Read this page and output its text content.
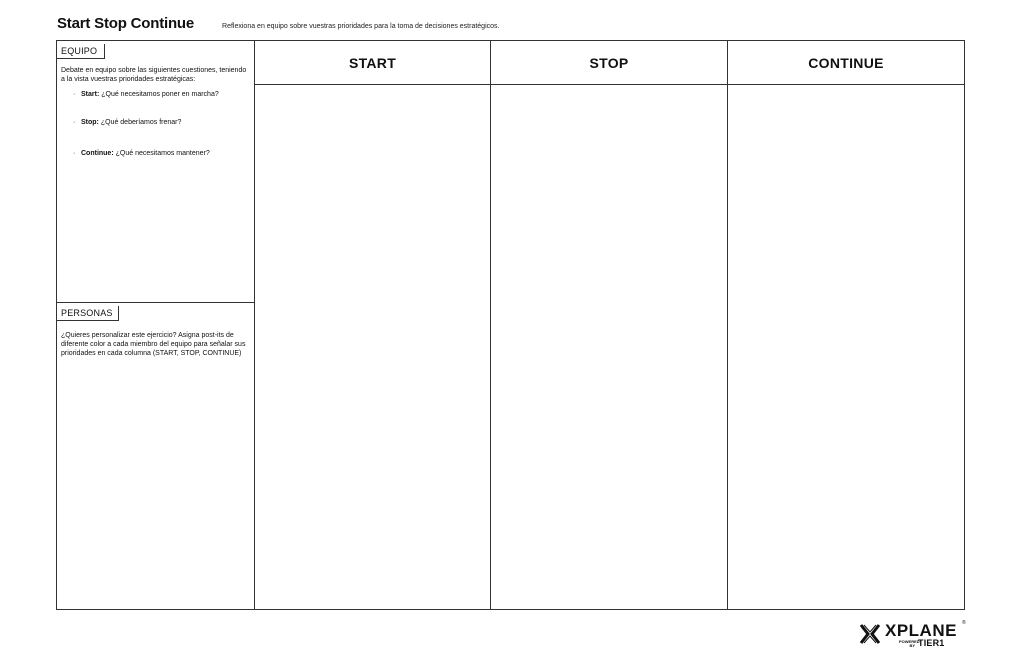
Start Stop Continue	Reflexiona en equipo sobre vuestras prioridades para la toma de decisiones estratégicos.
EQUIPO

Debate en equipo sobre las siguientes cuestiones, teniendo a la vista vuestras prioridades estratégicas:

· Start: ¿Qué necesitamos poner en marcha?
· Stop: ¿Qué deberíamos frenar?
· Continue: ¿Qué necesitamos mantener?
PERSONAS

¿Quieres personalizar este ejercicio? Asigna post-its de diferente color a cada miembro del equipo para señalar sus prioridades en cada columna (START, STOP, CONTINUE)

START	STOP	CONTINUE
XPLANE ®
POWERED BY TIER1
